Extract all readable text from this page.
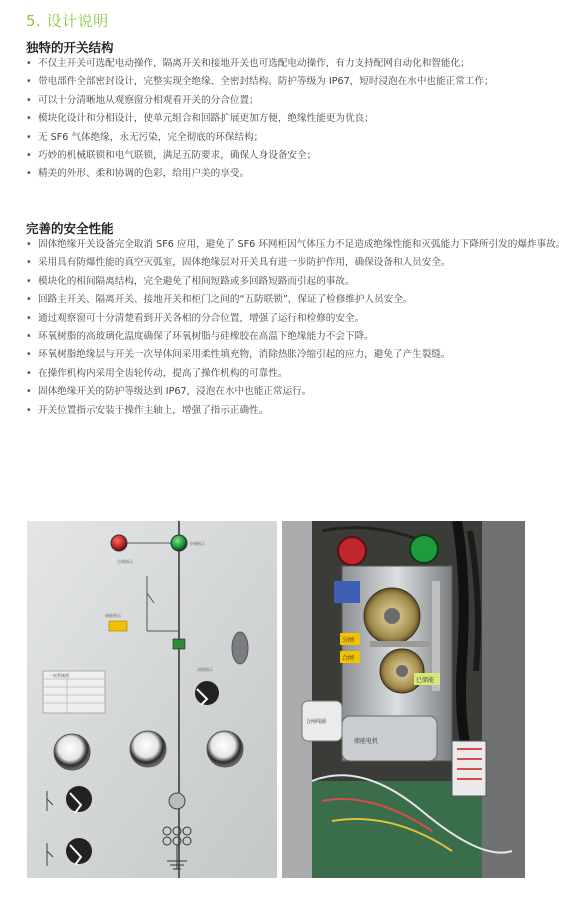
5. 设计说明
独特的开关结构
• 不仅主开关可选配电动操作，隔离开关和接地开关也可选配电动操作，有力支持配网自动化和智能化；
• 带电部件全部密封设计，完整实现全绝缘、全密封结构、防护等级为 IP67，短时浸泡在水中也能正常工作；
• 可以十分清晰地从观察窗分相观看开关的分合位置；
• 模块化设计和分相设计，使单元组合和回路扩展更加方便，绝缘性能更为优良；
• 无 SF6 气体绝缘，永无污染，完全彻底的环保结构；
• 巧妙的机械联锁和电气联锁，满足五防要求，确保人身设备安全；
• 精美的外形、柔和协调的色彩，给用户美的享受。
完善的安全性能
• 固体绝缘开关设备完全取消 SF6 应用，避免了 SF6 环网柜因气体压力不足造成绝缘性能和灭弧能力下降所引发的爆炸事故。
• 采用具有防爆性能的真空灭弧室，固体绝缘层对开关具有进一步防护作用，确保设备和人员安全。
• 模块化的相间隔离结构，完全避免了相间短路或多回路短路而引起的事故。
• 回路主开关、隔离开关、接地开关和柜门之间的“五防联锁”，保证了检修维护人员安全。
• 通过观察窗可十分清楚看到开关各相的分合位置，增强了运行和检修的安全。
• 环氧树脂的高玻璃化温度确保了环氧树脂与硅橡胶在高温下绝缘能力不会下降。
• 环氧树脂绝缘层与开关一次导体间采用柔性填充物，消除热胀冷缩引起的应力，避免了产生裂缝。
• 在操作机构内采用全齿轮传动，提高了操作机构的可靠性。
• 固体绝缘开关的防护等级达到 IP67，浸泡在水中也能正常运行。
• 开关位置指示安装于操作主轴上，增强了指示正确性。
合闸指示
分闸指示
储能指示
一次系统图
闭锁指示
分闸
合闸
已储能
储能电机
合闸线圈
